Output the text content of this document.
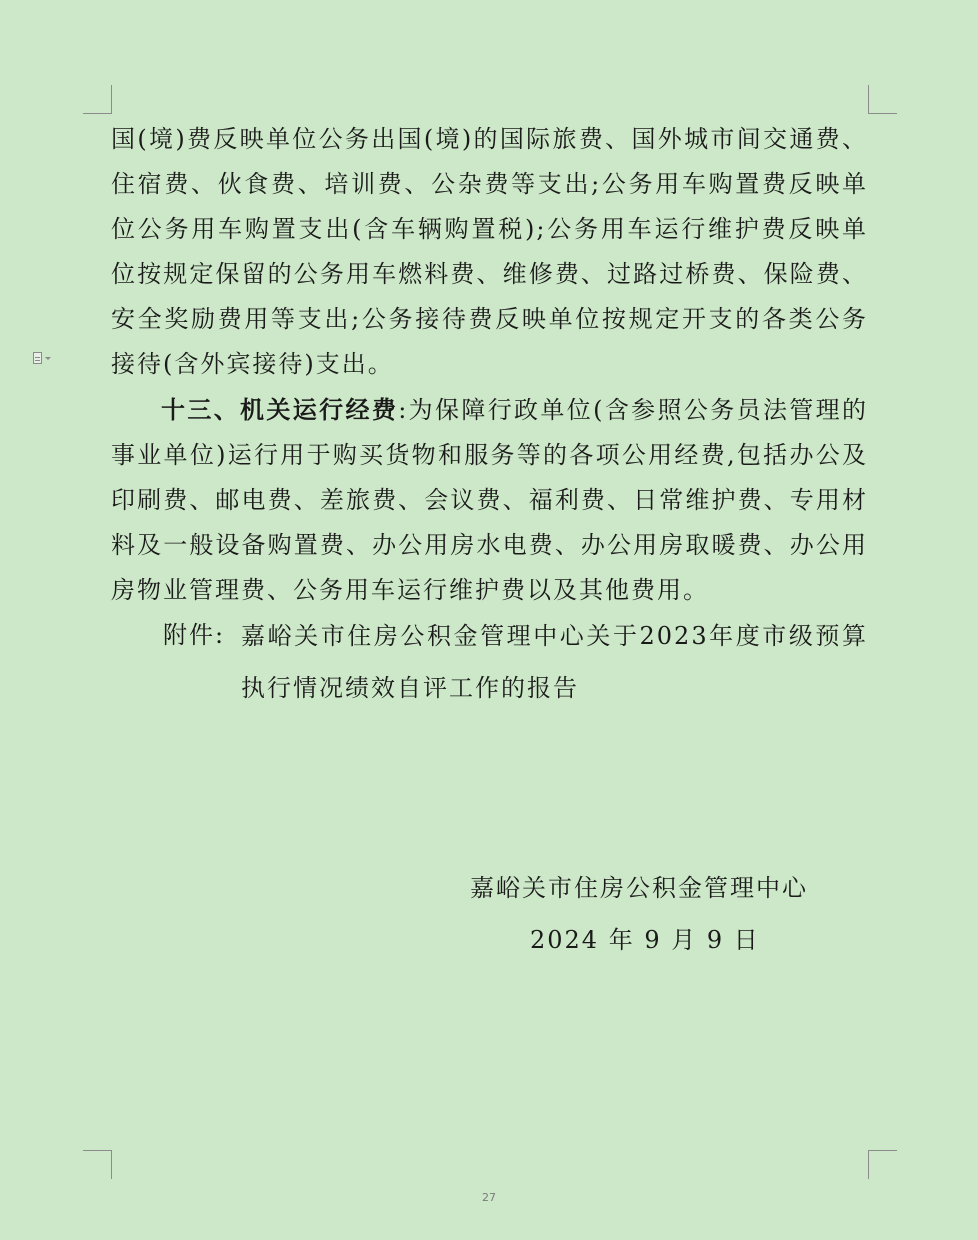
国(境)费反映单位公务出国(境)的国际旅费、国外城市间交通费、住宿费、伙食费、培训费、公杂费等支出;公务用车购置费反映单位公务用车购置支出(含车辆购置税);公务用车运行维护费反映单位按规定保留的公务用车燃料费、维修费、过路过桥费、保险费、安全奖励费用等支出;公务接待费反映单位按规定开支的各类公务接待(含外宾接待)支出。

十三、机关运行经费:为保障行政单位(含参照公务员法管理的事业单位)运行用于购买货物和服务等的各项公用经费,包括办公及印刷费、邮电费、差旅费、会议费、福利费、日常维护费、专用材料及一般设备购置费、办公用房水电费、办公用房取暖费、办公用房物业管理费、公务用车运行维护费以及其他费用。

附件: 嘉峪关市住房公积金管理中心关于2023年度市级预算执行情况绩效自评工作的报告
嘉峪关市住房公积金管理中心
2024 年 9 月 9 日
27
